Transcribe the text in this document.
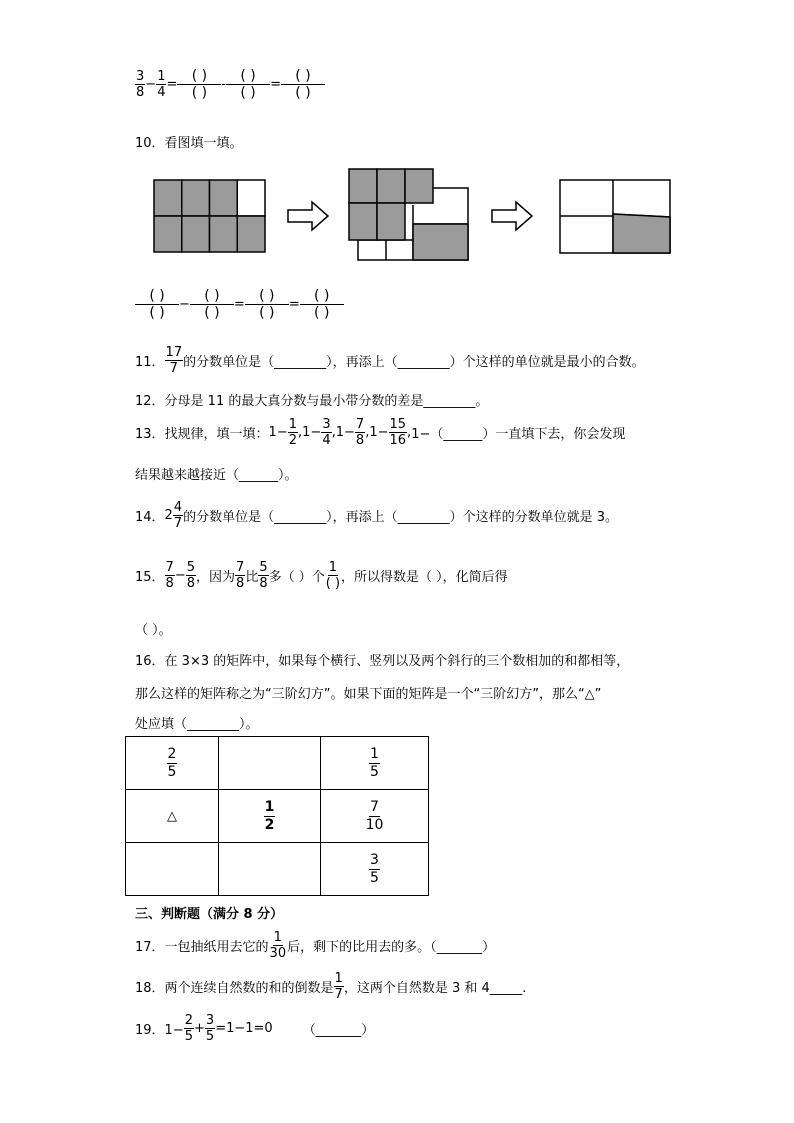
$\frac{3}{8} - \frac{1}{4} = \frac{( )}{( )} - \frac{( )}{( )} = \frac{( )}{( )}$
10．看图填一填。
$\frac{( )}{( )} - \frac{( )}{( )} = \frac{( )}{( )} = \frac{( )}{( )}$
11． $\frac{17}{7}$ 的分数单位是（________），再添上（________）个这样的单位就是最小的合数。
12．分母是 11 的最大真分数与最小带分数的差是________。
13．找规律，填一填： $1- \frac{1}{2}$ , $1- \frac{3}{4}$ , $1- \frac{7}{8}$ , $1- \frac{15}{16}$ , 1−（______）一直填下去，你会发现
结果越来越接近（______）。
14． $2 \frac{4}{7}$ 的分数单位是（________），再添上（________）个这样的分数单位就是 3。
15． $\frac{7}{8} - \frac{5}{8}$ ，因为 $\frac{7}{8}$ 比 $\frac{5}{8}$ 多（ ）个 $\frac{1}{( )}$ ，所以得数是（ ），化简后得
（ ）。
16．在 3×3 的矩阵中，如果每个横行、竖列以及两个斜行的三个数相加的和都相等，
那么这样的矩阵称之为“三阶幻方”。如果下面的矩阵是一个“三阶幻方”，那么“△”
处应填（________）。
$\frac{2}{5}$		$\frac{1}{5}$

△	$\frac{1}{2}$	$\frac{7}{10}$

		$\frac{3}{5}$
三、判断题（满分 8 分）
17．一包抽纸用去它的 $\frac{1}{30}$ 后，剩下的比用去的多。（_______）
18．两个连续自然数的和的倒数是 $\frac{1}{7}$ ，这两个自然数是 3 和 4_____.
19．$1- \frac{2}{5} + \frac{3}{5} =1-1=0$ （_______）
